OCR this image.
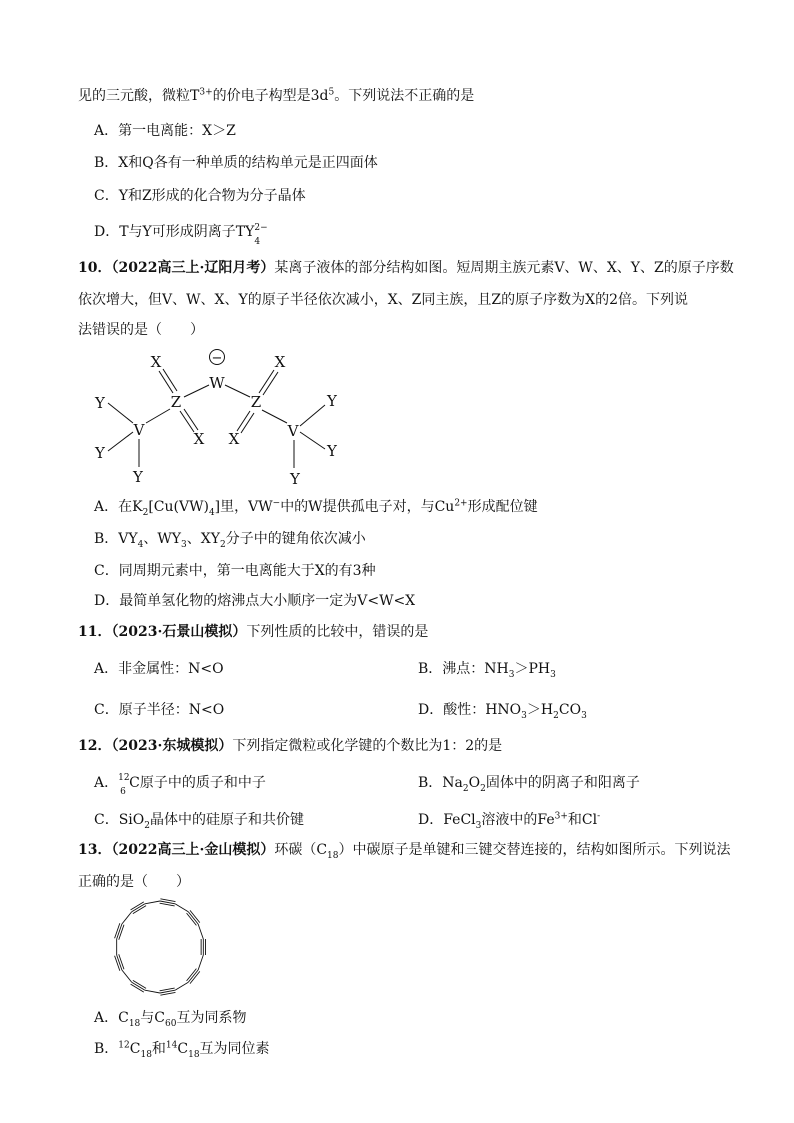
见的三元酸，微粒$T^{3+}$的价电子构型是$3d^5$。下列说法不正确的是
A．第一电离能：X＞Z
B．X和Q各有一种单质的结构单元是正四面体
C．Y和Z形成的化合物为分子晶体
D．T与Y可形成阴离子TY 2−
4
10．（2022高三上·辽阳月考）某离子液体的部分结构如图。短周期主族元素V、W、X、Y、Z的原子序数
依次增大，但V、W、X、Y的原子半径依次减小，X、Z同主族，且Z的原子序数为X的2倍。下列说
法错误的是（　　）
X
W
X
Y	Z	Z	Y
V	V
Y
X X
Y
Y	Y
−
A．在$K_2[Cu(VW)_4]$里，VW−中的W提供孤电子对，与$Cu^{2+}$形成配位键
B．$VY_4$、$WY_3$、$XY_2$分子中的键角依次减小
C．同周期元素中，第一电离能大于X的有3种
D．最简单氢化物的熔沸点大小顺序一定为V<W<X
11．（2023·石景山模拟）下列性质的比较中，错误的是
A．非金属性：N<O	B．沸点：$NH_3>PH_3$
C．原子半径：N<O	D．酸性：$HNO_3>H_2CO_3$
12．（2023·东城模拟）下列指定微粒或化学键的个数比为1：2的是
A． 12
6
C原子中的质子和中子	B．$Na_2O_2$固体中的阴离子和阳离子
C．SiO$_2$晶体中的硅原子和共价键	D．FeCl$_3$溶液中的$Fe^{3+}$和Cl-
13．（2022高三上·金山模拟）环碳$(C_{18})$中碳原子是单键和三键交替连接的，结构如图所示。下列说法
正确的是（　　）
A．$C_{18}$与$C_{60}$互为同系物
B．$^{12}C_{18}$和$^{14}C_{18}$互为同位素
